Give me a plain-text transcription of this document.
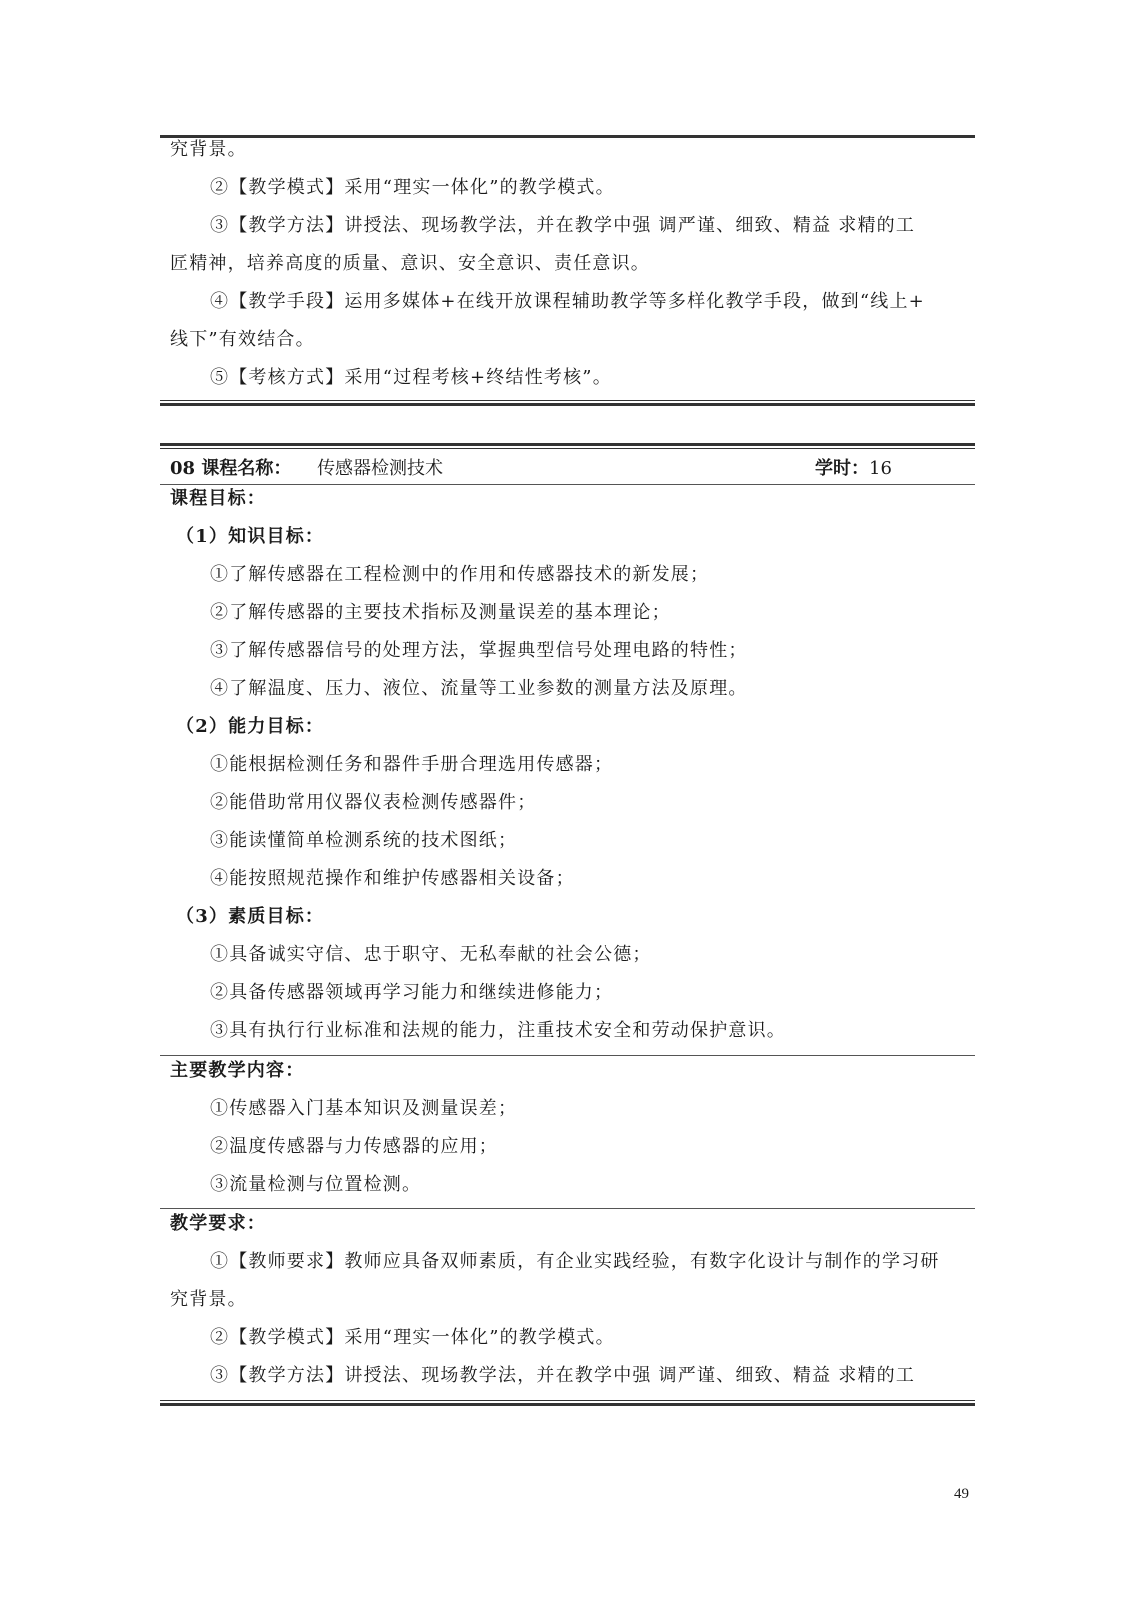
究背景。
②【教学模式】采用“理实一体化”的教学模式。
③【教学方法】讲授法、现场教学法，并在教学中强 调严谨、细致、精益 求精的工
匠精神，培养高度的质量、意识、安全意识、责任意识。
④【教学手段】运用多媒体+在线开放课程辅助教学等多样化教学手段，做到“线上+
线下”有效结合。
⑤【考核方式】采用“过程考核+终结性考核”。
08 课程名称： 传感器检测技术	学时：16
课程目标：
（1）知识目标：
①了解传感器在工程检测中的作用和传感器技术的新发展；
②了解传感器的主要技术指标及测量误差的基本理论；
③了解传感器信号的处理方法，掌握典型信号处理电路的特性；
④了解温度、压力、液位、流量等工业参数的测量方法及原理。
（2）能力目标：
①能根据检测任务和器件手册合理选用传感器；
②能借助常用仪器仪表检测传感器件；
③能读懂简单检测系统的技术图纸；
④能按照规范操作和维护传感器相关设备；
（3）素质目标：
①具备诚实守信、忠于职守、无私奉献的社会公德；
②具备传感器领域再学习能力和继续进修能力；
③具有执行行业标准和法规的能力，注重技术安全和劳动保护意识。
主要教学内容：
①传感器入门基本知识及测量误差；
②温度传感器与力传感器的应用；
③流量检测与位置检测。
教学要求：
①【教师要求】教师应具备双师素质，有企业实践经验，有数字化设计与制作的学习研
究背景。
②【教学模式】采用“理实一体化”的教学模式。
③【教学方法】讲授法、现场教学法，并在教学中强 调严谨、细致、精益 求精的工
49
